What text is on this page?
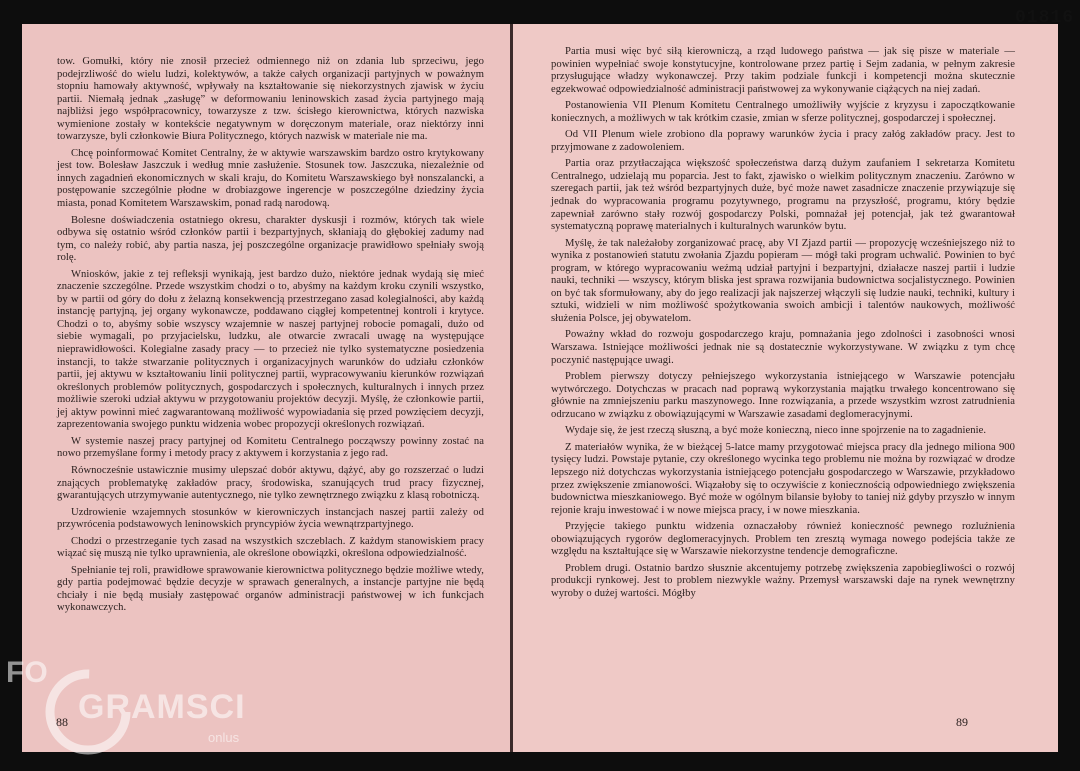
tow. Gomułki, który nie znosił przecież odmiennego niż on zdania lub sprzeciwu, jego podejrzliwość do wielu ludzi, kolektywów, a także całych organizacji partyjnych w poważnym stopniu hamowały aktywność, wpływały na kształtowanie się niekorzystnych zjawisk w życiu partii. Niemałą jednak „zasługę” w deformowaniu leninowskich zasad życia partyjnego mają najbliżsi jego współpracownicy, towarzysze z tzw. ścisłego kierownictwa, których nazwiska wymienione zostały w kontekście negatywnym w doręczonym materiale, oraz niektórzy inni towarzysze, byli członkowie Biura Politycznego, których nazwisk w materiale nie ma.

Chcę poinformować Komitet Centralny, że w aktywie warszawskim bardzo ostro krytykowany jest tow. Bolesław Jaszczuk i według mnie zasłużenie. Stosunek tow. Jaszczuka, niezależnie od innych zagadnień ekonomicznych w skali kraju, do Komitetu Warszawskiego był nonszalancki, a postępowanie szczególnie płodne w drobiazgowe ingerencje w poszczególne dziedziny życia miasta, ponad Komitetem Warszawskim, ponad radą narodową.

Bolesne doświadczenia ostatniego okresu, charakter dyskusji i rozmów, których tak wiele odbywa się ostatnio wśród członków partii i bezpartyjnych, skłaniają do głębokiej zadumy nad tym, co należy robić, aby partia nasza, jej poszczególne organizacje prawidłowo spełniały swoją rolę.

Wniosków, jakie z tej refleksji wynikają, jest bardzo dużo, niektóre jednak wydają się mieć znaczenie szczególne. Przede wszystkim chodzi o to, abyśmy na każdym kroku czynili wszystko, by w partii od góry do dołu z żelazną konsekwencją przestrzegano zasad kolegialności, aby każdą instancję partyjną, jej organy wykonawcze, poddawano ciągłej kompetentnej kontroli i krytyce. Chodzi o to, abyśmy sobie wszyscy wzajemnie w naszej partyjnej robocie pomagali, dużo od siebie wymagali, po przyjacielsku, ludzku, ale otwarcie zwracali uwagę na występujące nieprawidłowości. Kolegialne zasady pracy — to przecież nie tylko systematyczne posiedzenia instancji, to także stwarzanie politycznych i organizacyjnych warunków do udziału członków partii, jej aktywu w kształtowaniu linii politycznej partii, wypracowywaniu kierunków rozwiązań określonych problemów politycznych, gospodarczych i społecznych, kulturalnych i innych przez możliwie szeroki udział aktywu w przygotowaniu projektów decyzji. Myślę, że członkowie partii, jej aktyw powinni mieć zagwarantowaną możliwość wypowiadania się przed powzięciem decyzji, zaprezentowania swojego punktu widzenia wobec propozycji określonych rozwiązań.

W systemie naszej pracy partyjnej od Komitetu Centralnego począwszy powinny zostać na nowo przemyślane formy i metody pracy z aktywem i korzystania z jego rad.

Równocześnie ustawicznie musimy ulepszać dobór aktywu, dążyć, aby go rozszerzać o ludzi znających problematykę zakładów pracy, środowiska, szanujących trud pracy fizycznej, gwarantujących utrzymywanie autentycznego, nie tylko zewnętrznego związku z klasą robotniczą.

Uzdrowienie wzajemnych stosunków w kierowniczych instancjach naszej partii zależy od przywrócenia podstawowych leninowskich pryncypiów życia wewnątrzpartyjnego.

Chodzi o przestrzeganie tych zasad na wszystkich szczeblach. Z każdym stanowiskiem pracy wiązać się muszą nie tylko uprawnienia, ale określone obowiązki, określona odpowiedzialność.

Spełnianie tej roli, prawidłowe sprawowanie kierownictwa politycznego będzie możliwe wtedy, gdy partia podejmować będzie decyzje w sprawach generalnych, a instancje partyjne nie będą chciały i nie będą musiały zastępować organów administracji państwowej w ich funkcjach wykonawczych.

88

Partia musi więc być siłą kierowniczą, a rząd ludowego państwa — jak się pisze w materiale — powinien wypełniać swoje konstytucyjne, kontrolowane przez partię i Sejm zadania, w pełnym zakresie przysługujące władzy wykonawczej. Przy takim podziale funkcji i kompetencji można skutecznie egzekwować odpowiedzialność administracji państwowej za wykonywanie ciążących na niej zadań.

Postanowienia VII Plenum Komitetu Centralnego umożliwiły wyjście z kryzysu i zapoczątkowanie koniecznych, a możliwych w tak krótkim czasie, zmian w sferze politycznej, gospodarczej i społecznej.

Od VII Plenum wiele zrobiono dla poprawy warunków życia i pracy załóg zakładów pracy. Jest to przyjmowane z zadowoleniem.

Partia oraz przytłaczająca większość społeczeństwa darzą dużym zaufaniem I sekretarza Komitetu Centralnego, udzielają mu poparcia. Jest to fakt, zjawisko o wielkim politycznym znaczeniu. Zarówno w szeregach partii, jak też wśród bezpartyjnych duże, być może nawet zasadnicze znaczenie przywiązuje się jednak do wypracowania programu pozytywnego, programu na przyszłość, programu, który będzie zapewniał zarówno stały rozwój gospodarczy Polski, pomnażał jej potencjał, jak też gwarantował systematyczną poprawę materialnych i kulturalnych warunków bytu.

Myślę, że tak należałoby zorganizować pracę, aby VI Zjazd partii — propozycję wcześniejszego niż to wynika z postanowień statutu zwołania Zjazdu popieram — mógł taki program uchwalić. Powinien to być program, w którego wypracowaniu weźmą udział partyjni i bezpartyjni, działacze naszej partii i ludzie nauki, techniki — wszyscy, którym bliska jest sprawa rozwijania budownictwa socjalistycznego. Powinien on być tak sformułowany, aby do jego realizacji jak najszerzej włączyli się ludzie nauki, techniki, kultury i sztuki, widzieli w nim możliwość spożytkowania swoich ambicji i talentów naukowych, możliwość służenia Polsce, jej obywatelom.

Poważny wkład do rozwoju gospodarczego kraju, pomnażania jego zdolności i zasobności wnosi Warszawa. Istniejące możliwości jednak nie są dostatecznie wykorzystywane. W związku z tym chcę poczynić następujące uwagi.

Problem pierwszy dotyczy pełniejszego wykorzystania istniejącego w Warszawie potencjału wytwórczego. Dotychczas w pracach nad poprawą wykorzystania majątku trwałego koncentrowano się głównie na zmniejszeniu parku maszynowego. Inne rozwiązania, a przede wszystkim wzrost zatrudnienia odrzucano w związku z obowiązującymi w Warszawie zasadami deglomeracyjnymi.

Wydaje się, że jest rzeczą słuszną, a być może konieczną, nieco inne spojrzenie na to zagadnienie.

Z materiałów wynika, że w bieżącej 5-latce mamy przygotować miejsca pracy dla jednego miliona 900 tysięcy ludzi. Powstaje pytanie, czy określonego wycinka tego problemu nie można by rozwiązać w drodze lepszego niż dotychczas wykorzystania istniejącego potencjału gospodarczego w Warszawie, przykładowo przez zwiększenie zmianowości. Wiązałoby się to oczywiście z koniecznością odpowiedniego zwiększenia budownictwa mieszkaniowego. Być może w ogólnym bilansie byłoby to taniej niż gdyby przyszło w innym rejonie kraju inwestować i w nowe miejsca pracy, i w nowe mieszkania.

Przyjęcie takiego punktu widzenia oznaczałoby również konieczność pewnego rozluźnienia obowiązujących rygorów deglomeracyjnych. Problem ten zresztą wymaga nowego podejścia także ze względu na kształtujące się w Warszawie niekorzystne tendencje demograficzne.

Problem drugi. Ostatnio bardzo słusznie akcentujemy potrzebę zwiększenia zapobiegliwości o rozwój produkcji rynkowej. Jest to problem niezwykle ważny. Przemysł warszawski daje na rynek wewnętrzny wyroby o dużej wartości. Mógłby

89
01816
FO
GRAMSCI
onlus
